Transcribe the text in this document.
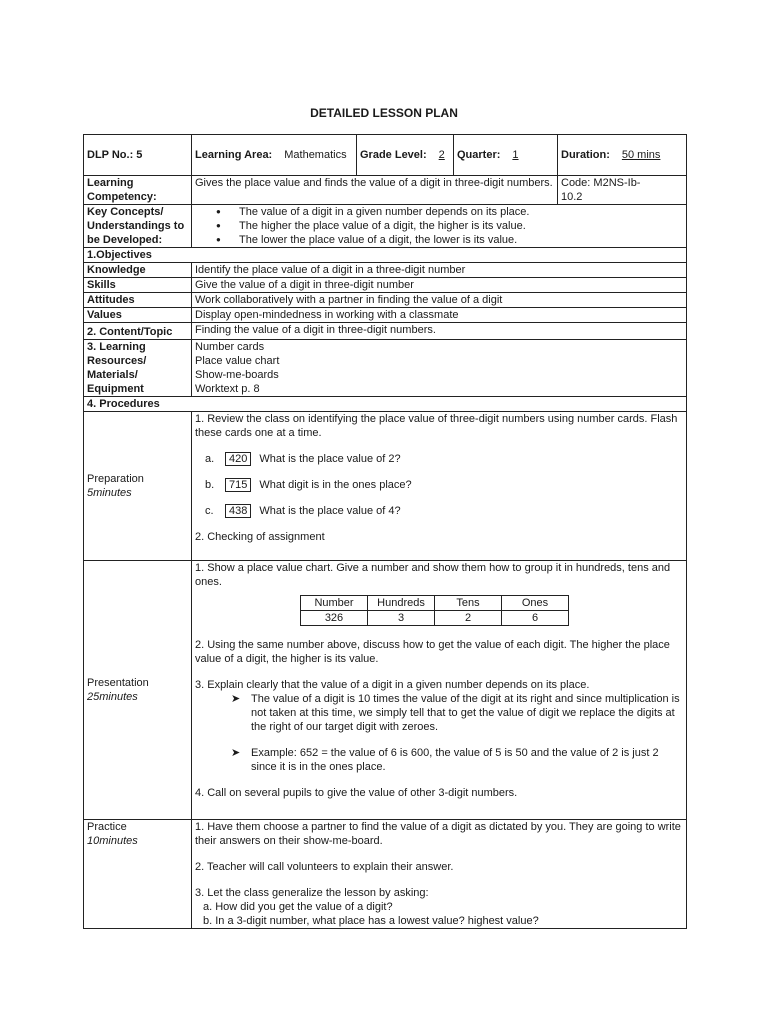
DETAILED LESSON PLAN
DLP No.: 5	Learning Area: Mathematics	Grade Level: 2	Quarter: 1	Duration: 50 mins

Learning
Competency:
	Gives the place value and finds the value of a digit in three-digit numbers.	Code: M2NS-Ib-
10.2

Key Concepts/
Understandings to
be Developed:

● The value of a digit in a given number depends on its place.
● The higher the place value of a digit, the higher is its value.
● The lower the place value of a digit, the lower is its value.

1.Objectives
Knowledge	Identify the place value of a digit in a three-digit number
Skills	Give the value of a digit in three-digit number
Attitudes	Work collaboratively with a partner in finding the value of a digit
Values	Display open-mindedness in working with a classmate
2. Content/Topic	Finding the value of a digit in three-digit numbers.

3. Learning
Resources/
Materials/
Equipment

Number cards
Place value chart
Show-me-boards
Worktext p. 8

4. Procedures

Preparation
5minutes

1. Review the class on identifying the place value of three-digit numbers using number cards. Flash these cards one at a time.

a.	420	What is the place value of 2?
b.	715	What digit is in the ones place?
c.	438	What is the place value of 4?

2. Checking of assignment

Presentation
25minutes

1. Show a place value chart. Give a number and show them how to group it in hundreds, tens and ones.

Number	Hundreds	Tens	Ones
326	3	2	6

2. Using the same number above, discuss how to get the value of each digit. The higher the place value of a digit, the higher is its value.

3. Explain clearly that the value of a digit in a given number depends on its place.

➤ The value of a digit is 10 times the value of the digit at its right and since multiplication is not taken at this time, we simply tell that to get the value of digit we replace the digits at the right of our target digit with zeroes.
➤ Example: 652 = the value of 6 is 600, the value of 5 is 50 and the value of 2 is just 2 since it is in the ones place.

4. Call on several pupils to give the value of other 3-digit numbers.

Practice
10minutes

1. Have them choose a partner to find the value of a digit as dictated by you. They are going to write their answers on their show-me-board.

2. Teacher will call volunteers to explain their answer.

3. Let the class generalize the lesson by asking:

a. How did you get the value of a digit?
b. In a 3-digit number, what place has a lowest value? highest value?
